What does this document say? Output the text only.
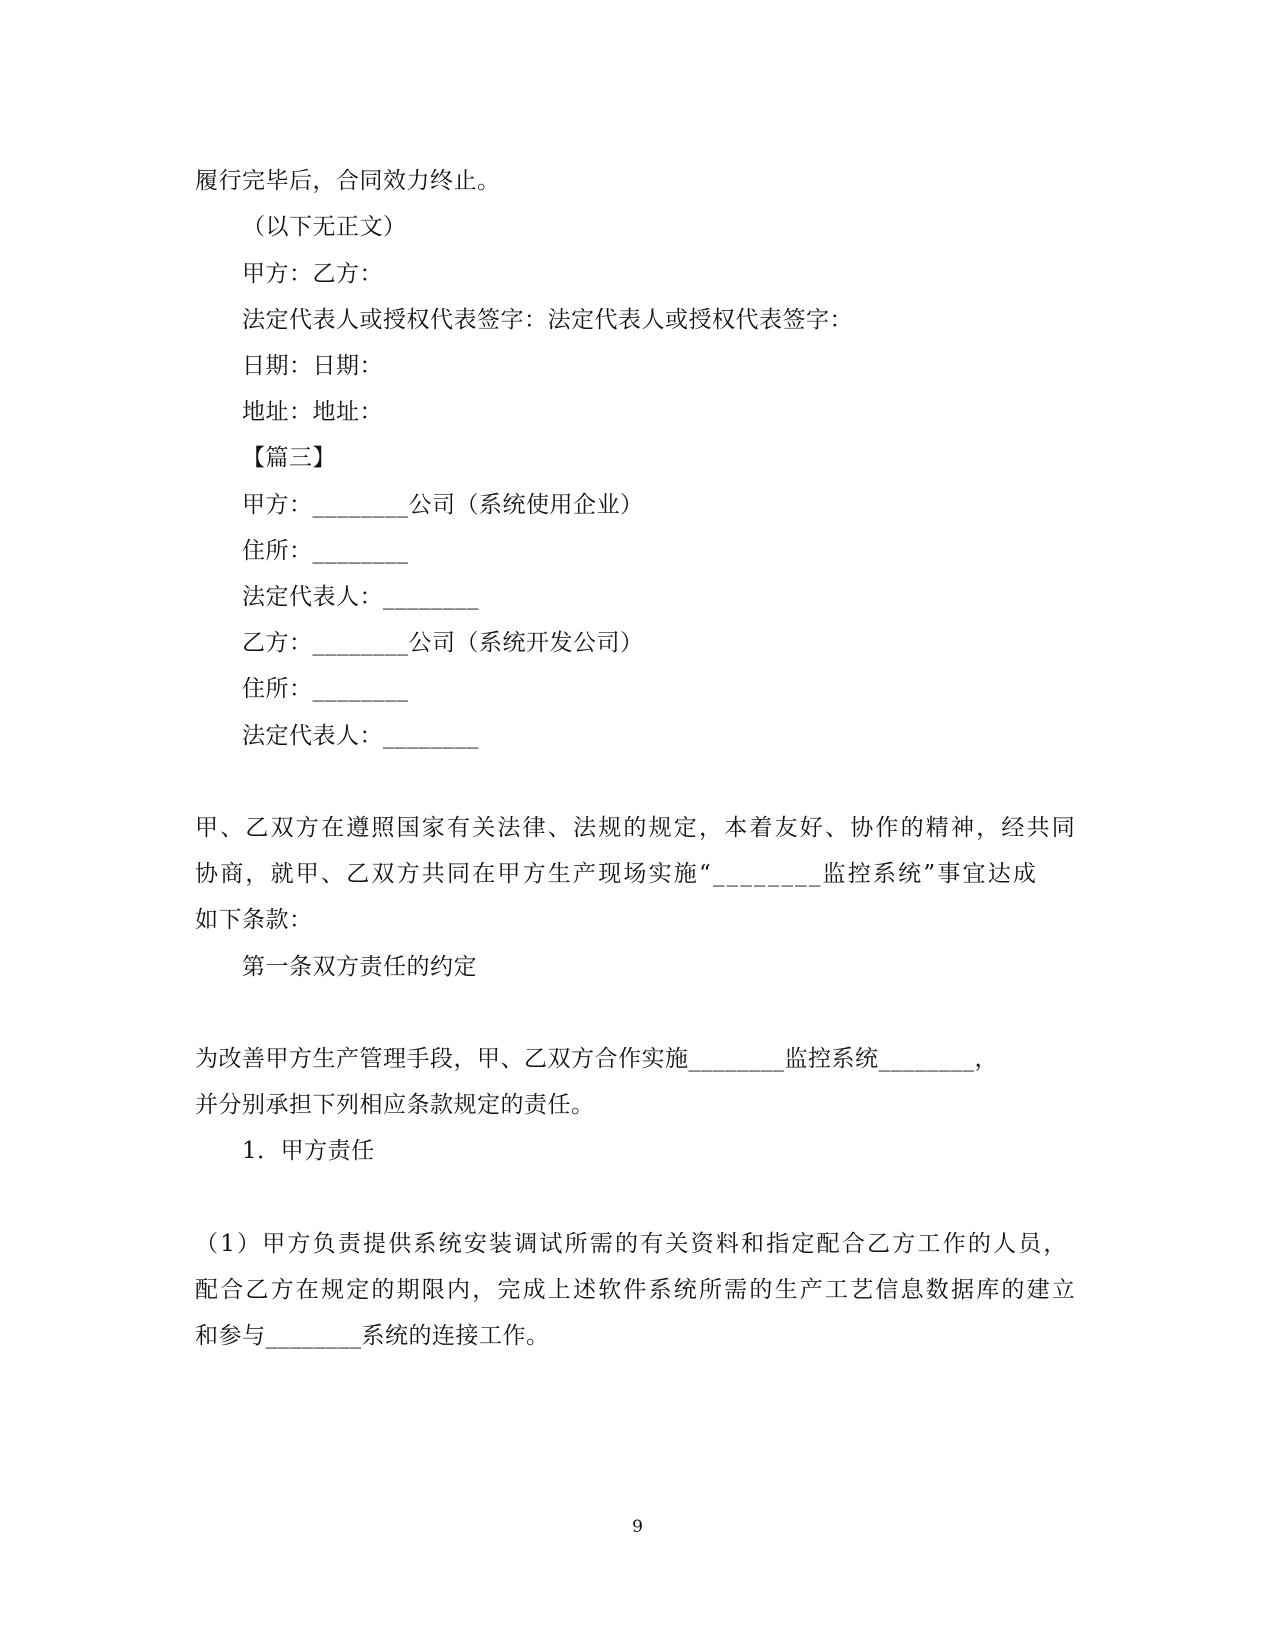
履行完毕后，合同效力终止。
（以下无正文）
甲方：乙方：
法定代表人或授权代表签字：法定代表人或授权代表签字：
日期：日期：
地址：地址：
【篇三】
甲方：________公司（系统使用企业）
住所：________
法定代表人：________
乙方：________公司（系统开发公司）
住所：________
法定代表人：________
甲、乙双方在遵照国家有关法律、法规的规定，本着友好、协作的精神，经共同
协商，就甲、乙双方共同在甲方生产现场实施“________监控系统”事宜达成
如下条款：
第一条双方责任的约定
为改善甲方生产管理手段，甲、乙双方合作实施________监控系统________，
并分别承担下列相应条款规定的责任。
1．甲方责任
（1）甲方负责提供系统安装调试所需的有关资料和指定配合乙方工作的人员，
配合乙方在规定的期限内，完成上述软件系统所需的生产工艺信息数据库的建立
和参与________系统的连接工作。
9
